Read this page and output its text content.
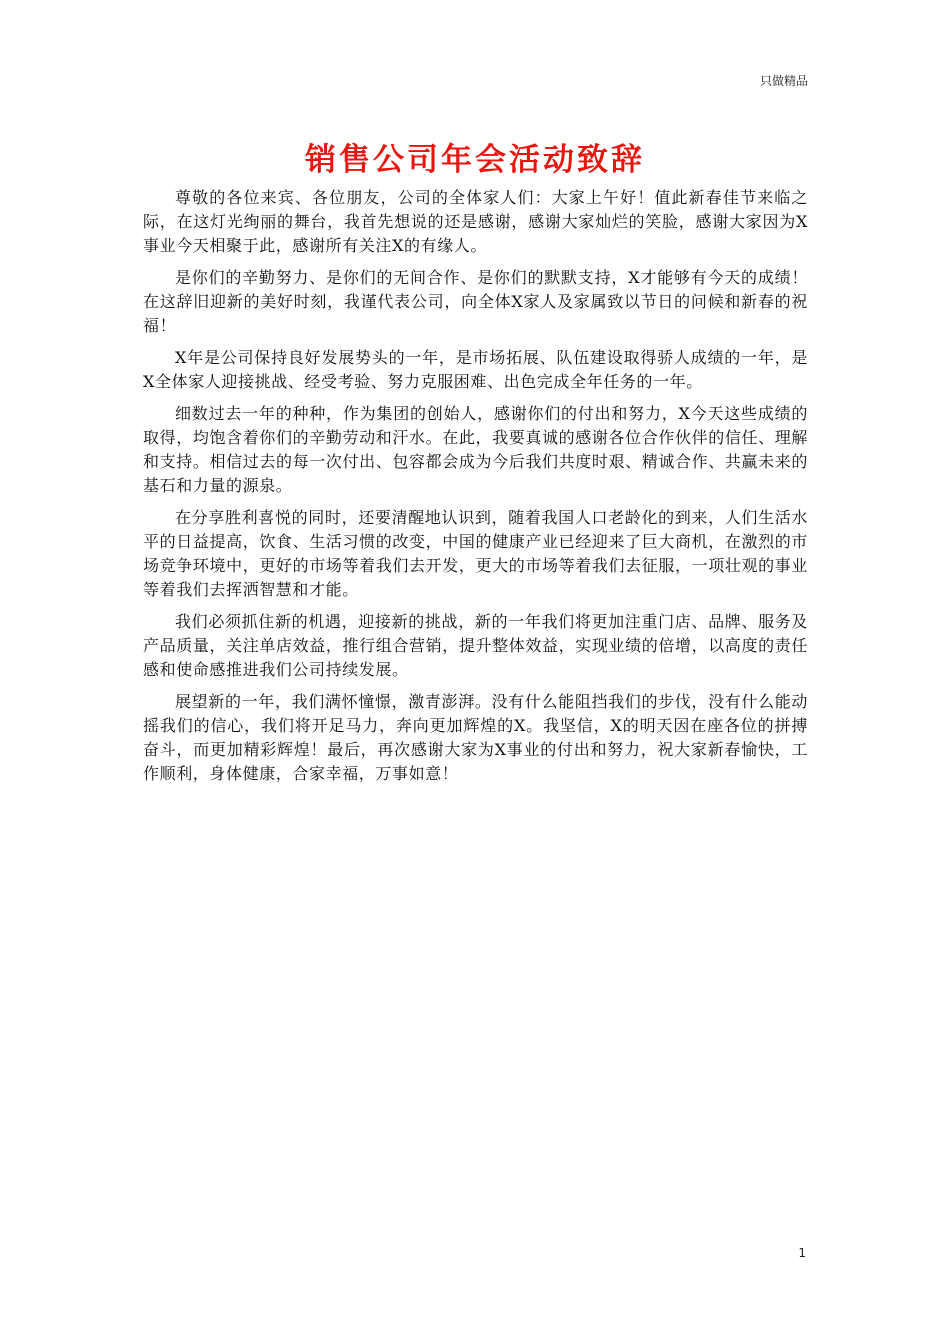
只做精品
销售公司年会活动致辞

尊敬的各位来宾、各位朋友，公司的全体家人们：大家上午好！值此新春佳节来临之际，在这灯光绚丽的舞台，我首先想说的还是感谢，感谢大家灿烂的笑脸，感谢大家因为X事业今天相聚于此，感谢所有关注X的有缘人。

是你们的辛勤努力、是你们的无间合作、是你们的默默支持，X才能够有今天的成绩！在这辞旧迎新的美好时刻，我谨代表公司，向全体X家人及家属致以节日的问候和新春的祝福！

X年是公司保持良好发展势头的一年，是市场拓展、队伍建设取得骄人成绩的一年，是X全体家人迎接挑战、经受考验、努力克服困难、出色完成全年任务的一年。

细数过去一年的种种，作为集团的创始人，感谢你们的付出和努力，X今天这些成绩的取得，均饱含着你们的辛勤劳动和汗水。在此，我要真诚的感谢各位合作伙伴的信任、理解和支持。相信过去的每一次付出、包容都会成为今后我们共度时艰、精诚合作、共赢未来的基石和力量的源泉。

在分享胜利喜悦的同时，还要清醒地认识到，随着我国人口老龄化的到来，人们生活水平的日益提高，饮食、生活习惯的改变，中国的健康产业已经迎来了巨大商机，在激烈的市场竞争环境中，更好的市场等着我们去开发，更大的市场等着我们去征服，一项壮观的事业等着我们去挥洒智慧和才能。

我们必须抓住新的机遇，迎接新的挑战，新的一年我们将更加注重门店、品牌、服务及产品质量，关注单店效益，推行组合营销，提升整体效益，实现业绩的倍增，以高度的责任感和使命感推进我们公司持续发展。

展望新的一年，我们满怀憧憬，激青澎湃。没有什么能阻挡我们的步伐，没有什么能动摇我们的信心，我们将开足马力，奔向更加辉煌的X。我坚信，X的明天因在座各位的拼搏奋斗，而更加精彩辉煌！最后，再次感谢大家为X事业的付出和努力，祝大家新春愉快，工作顺利，身体健康，合家幸福，万事如意！

1
